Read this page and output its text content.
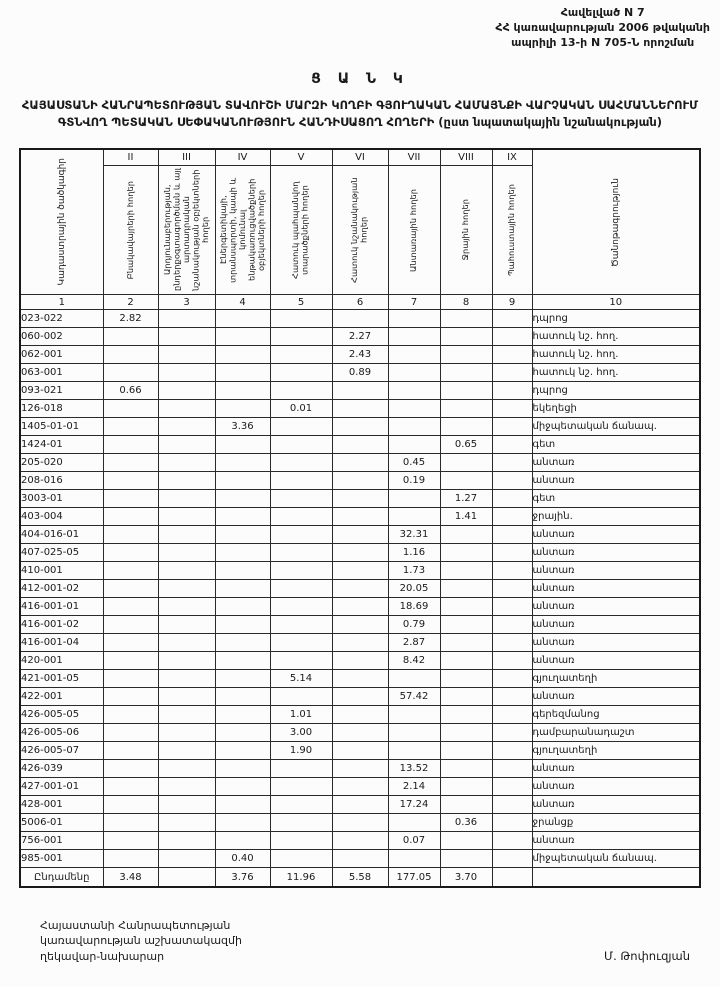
Հավելված N 7
ՀՀ կառավարության 2006 թվականի
ապրիլի 13-ի N 705-Ն որոշման
Ց Ա Ն Կ
ՀԱՅԱՍՏԱՆԻ ՀԱՆՐԱՊԵՏՈՒԹՅԱՆ ՏԱՎՈՒՇԻ ՄԱՐԶԻ ԿՈՂԲԻ ԳՅՈՒՂԱԿԱՆ ՀԱՄԱՅՆՔԻ ՎԱՐՉԱԿԱՆ ՍԱՀՄԱՆՆԵՐՈՒՄ ԳՏՆՎՈՂ ՊԵՏԱԿԱՆ ՍԵՓԱԿԱՆՈՒԹՅՈՒՆ ՀԱՆԴԻՍԱՑՈՂ ՀՈՂԵՐԻ (ըստ նպատակային նշանակության)
Կադաստրային ծածկագիր	II	III	IV	V	VI	VII	VIII	IX	Ծանոթագրություն

	Բնակավայրերի հողեր	Արդյունաբերության, ընդերքօգտագործման և այլ արտադրական նշանակության օբյեկտների հողեր	Էներգետիկայի, տրանսպորտի, կապի և կոմունալ ենթակառուցվածքների օբյեկտների հողեր	Հատուկ պահպանվող տարածքների հողեր	Հատուկ նշանակության հողեր	Անտառային հողեր	Ջրային հողեր	Պահուստային հողեր	

1	2	3	4	5	6	7	8	9	10
023-022	2.82								դպրոց
060-002					2.27				հատուկ նշ. հող.
062-001					2.43				հատուկ նշ. հող.
063-001					0.89				հատուկ նշ. հող.
093-021	0.66								դպրոց
126-018				0.01					եկեղեցի
1405-01-01			3.36						միջպետական ճանապ.
1424-01							0.65		գետ
205-020						0.45			անտառ
208-016						0.19			անտառ
3003-01							1.27		գետ
403-004							1.41		ջրային.
404-016-01						32.31			անտառ
407-025-05						1.16			անտառ
410-001						1.73			անտառ
412-001-02						20.05			անտառ
416-001-01						18.69			անտառ
416-001-02						0.79			անտառ
416-001-04						2.87			անտառ
420-001						8.42			անտառ
421-001-05				5.14					գյուղատեղի
422-001						57.42			անտառ
426-005-05				1.01					գերեզմանոց
426-005-06				3.00					դամբարանադաշտ
426-005-07				1.90					գյուղատեղի
426-039						13.52			անտառ
427-001-01						2.14			անտառ
428-001						17.24			անտառ
5006-01							0.36		ջրանցք
756-001						0.07			անտառ
985-001			0.40						միջպետական ճանապ.
Ընդամենը	3.48		3.76	11.96	5.58	177.05	3.70		
Հայաստանի Հանրապետության
կառավարության աշխատակազմի
ղեկավար-նախարար	Մ. Թոփուզյան
